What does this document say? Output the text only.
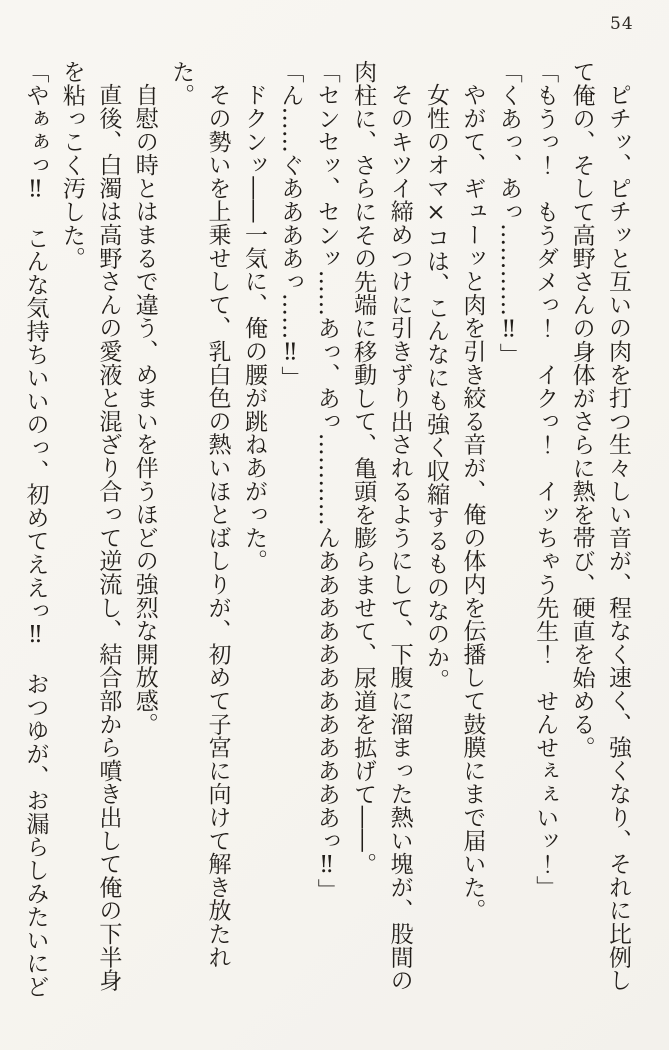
54

ピチッ、ピチッと互いの肉を打つ生々しい音が、程なく速く、強くなり、それに比例して俺の、そして高野さんの身体がさらに熱を帯び、硬直を始める。

「もうっ！　もうダメっ！　イクっ！　イッちゃう先生！　せんせぇぇいッ！」

「くあっ、あっ…………‼」

やがて、ギューッと肉を引き絞る音が、俺の体内を伝播して鼓膜にまで届いた。

女性のオマ×コは、こんなにも強く収縮するものなのか。

そのキツイ締めつけに引きずり出されるようにして、下腹に溜まった熱い塊が、股間の肉柱に、さらにその先端に移動して、亀頭を膨らませて、尿道を拡げて――。

「センセッ、センッ……あっ、あっ…………んああああああああああああっ‼」

「ん……ぐああああっ……‼」

ドクンッ――一気に、俺の腰が跳ねあがった。

その勢いを上乗せして、乳白色の熱いほとばしりが、初めて子宮に向けて解き放たれた。

自慰の時とはまるで違う、めまいを伴うほどの強烈な開放感。

直後、白濁は高野さんの愛液と混ざり合って逆流し、結合部から噴き出して俺の下半身を粘っこく汚した。

「やぁぁっ‼　こんな気持ちいいのっ、初めてええっ‼　おつゆが、お漏らしみたいにど
